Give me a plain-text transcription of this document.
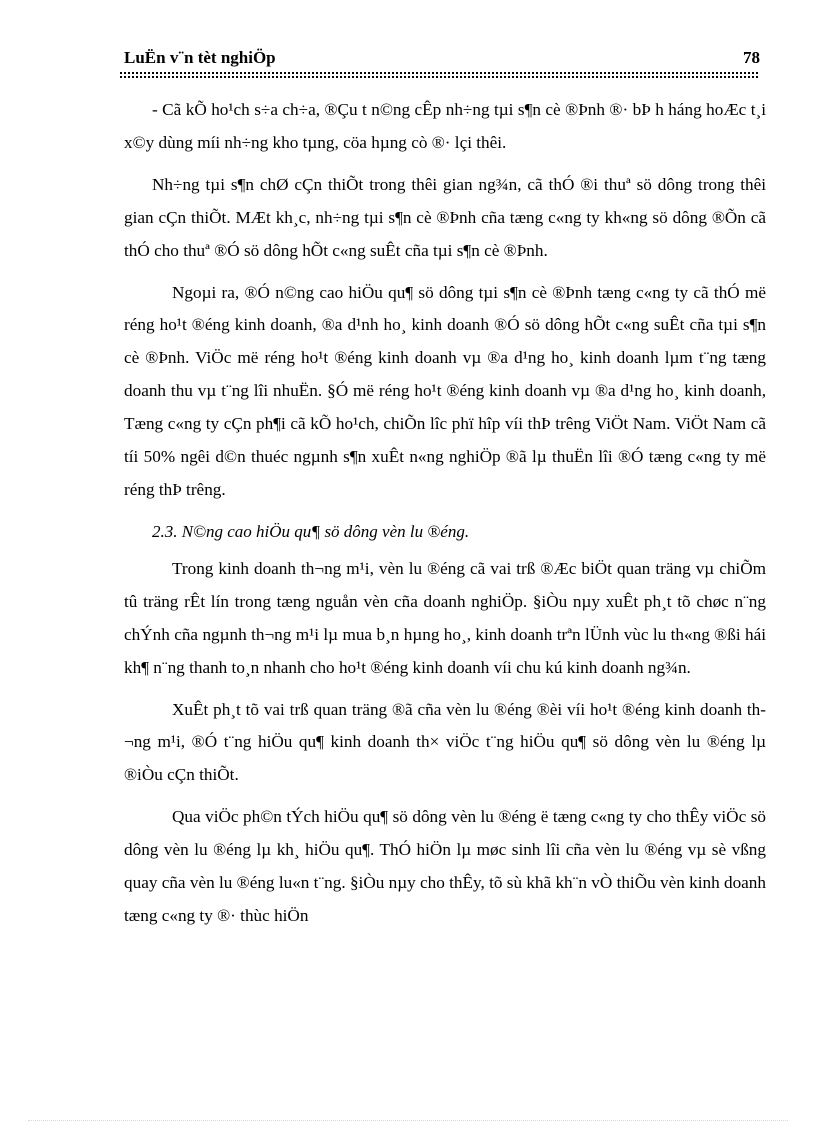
LuËn v¨n tèt nghiÖp	78

- Cã kÕ ho¹ch s÷a ch÷a, ®Çu t n©ng cÊp nh÷ng tµi s¶n cè ®Þnh ®· bÞ h háng hoÆc t¸i x©y dùng míi nh÷ng kho tµng, cöa hµng cò ®· lçi thêi.

Nh÷ng tµi s¶n chØ cÇn thiÕt trong thêi gian ng¾n, cã thÓ ®i thuª sö dông trong thêi gian cÇn thiÕt. MÆt kh¸c, nh÷ng tµi s¶n cè ®Þnh cña tæng c«ng ty kh«ng sö dông ®Õn cã thÓ cho thuª ®Ó sö dông hÕt c«ng suÊt cña tµi s¶n cè ®Þnh.

Ngoµi ra, ®Ó n©ng cao hiÖu qu¶ sö dông tµi s¶n cè ®Þnh tæng c«ng ty cã thÓ më réng ho¹t ®éng kinh doanh, ®a d¹nh ho¸ kinh doanh ®Ó sö dông hÕt c«ng suÊt cña tµi s¶n cè ®Þnh. ViÖc më réng ho¹t ®éng kinh doanh vµ ®a d¹ng ho¸ kinh doanh lµm t¨ng tæng doanh thu vµ t¨ng lîi nhuËn. §Ó më réng ho¹t ®éng kinh doanh vµ ®a d¹ng ho¸ kinh doanh, Tæng c«ng ty cÇn ph¶i cã kÕ ho¹ch, chiÕn lîc phï hîp víi thÞ trêng ViÖt Nam. ViÖt Nam cã tíi 50% ngêi d©n thuéc ngµnh s¶n xuÊt n«ng nghiÖp ®ã lµ thuËn lîi ®Ó tæng c«ng ty më réng thÞ trêng.

2.3. N©ng cao hiÖu qu¶ sö dông vèn lu ®éng.

Trong kinh doanh th¬ng m¹i, vèn lu ®éng cã vai trß ®Æc biÖt quan träng vµ chiÕm tû träng rÊt lín trong tæng nguån vèn cña doanh nghiÖp. §iÒu nµy xuÊt ph¸t tõ chøc n¨ng chÝnh cña ngµnh th¬ng m¹i lµ mua b¸n hµng ho¸, kinh doanh trªn lÜnh vùc lu th«ng ®ßi hái kh¶ n¨ng thanh to¸n nhanh cho ho¹t ®éng kinh doanh víi chu kú kinh doanh ng¾n.

XuÊt ph¸t tõ vai trß quan träng ®ã cña vèn lu ®éng ®èi víi ho¹t ®éng kinh doanh th¬ng m¹i, ®Ó t¨ng hiÖu qu¶ kinh doanh th× viÖc t¨ng hiÖu qu¶ sö dông vèn lu ®éng lµ ®iÒu cÇn thiÕt.

Qua viÖc ph©n tÝch hiÖu qu¶ sö dông vèn lu ®éng ë tæng c«ng ty cho thÊy viÖc sö dông vèn lu ®éng lµ kh¸ hiÖu qu¶. ThÓ hiÖn lµ møc sinh lîi cña vèn lu ®éng vµ sè vßng quay cña vèn lu ®éng lu«n t¨ng. §iÒu nµy cho thÊy, tõ sù khã kh¨n vÒ thiÕu vèn kinh doanh tæng c«ng ty ®· thùc hiÖn
